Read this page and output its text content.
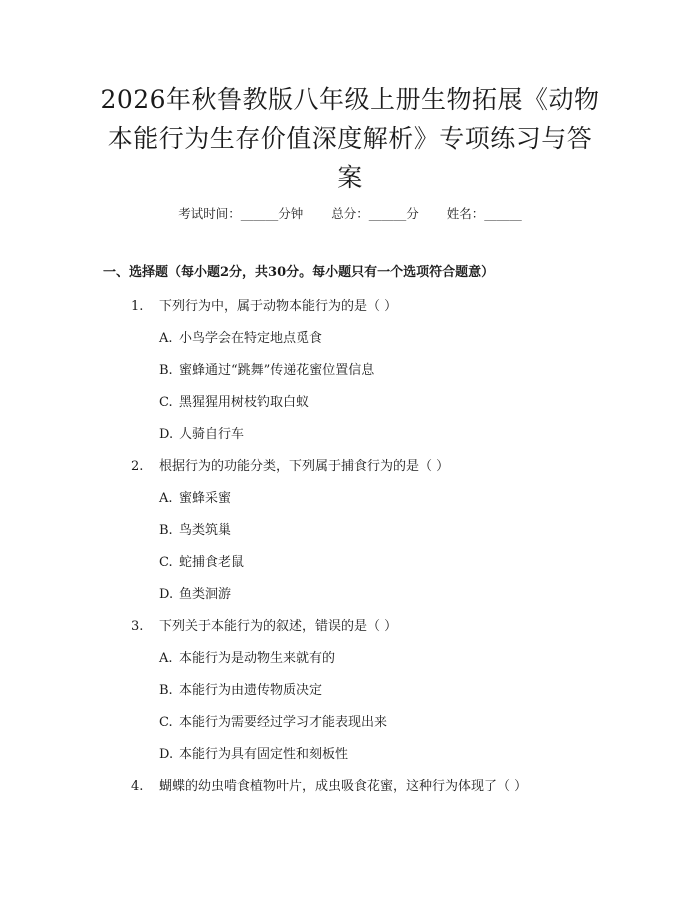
2026年秋鲁教版八年级上册生物拓展《动物本能行为生存价值深度解析》专项练习与答案
考试时间：______分钟 总分：______分 姓名：______
一、选择题（每小题2分，共30分。每小题只有一个选项符合题意）
1. 下列行为中，属于动物本能行为的是（ ）
A. 小鸟学会在特定地点觅食
B. 蜜蜂通过“跳舞”传递花蜜位置信息
C. 黑猩猩用树枝钓取白蚁
D. 人骑自行车
2. 根据行为的功能分类，下列属于捕食行为的是（ ）
A. 蜜蜂采蜜
B. 鸟类筑巢
C. 蛇捕食老鼠
D. 鱼类洄游
3. 下列关于本能行为的叙述，错误的是（ ）
A. 本能行为是动物生来就有的
B. 本能行为由遗传物质决定
C. 本能行为需要经过学习才能表现出来
D. 本能行为具有固定性和刻板性
4. 蝴蝶的幼虫啃食植物叶片，成虫吸食花蜜，这种行为体现了（ ）
